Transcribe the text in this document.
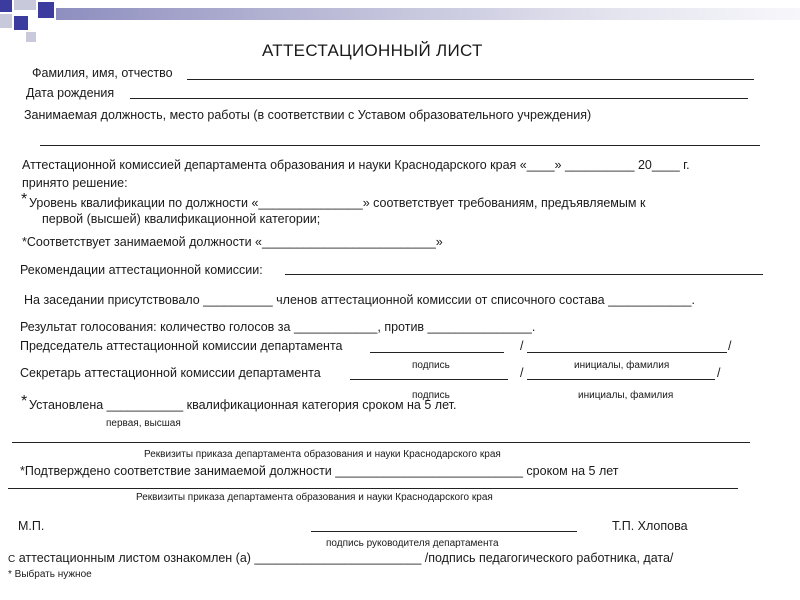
АТТЕСТАЦИОННЫЙ ЛИСТ
Фамилия, имя, отчество
Дата рождения
Занимаемая должность, место работы (в соответствии с Уставом образовательного учреждения)
Аттестационной комиссией департамента образования и науки Краснодарского края «____» __________ 20____ г.
принято решение:
* Уровень квалификации по должности «_______________» соответствует требованиям, предъявляемым к
первой (высшей) квалификационной категории;
*Соответствует занимаемой должности «_________________________»
Рекомендации аттестационной комиссии:
На заседании присутствовало __________ членов аттестационной комиссии от списочного состава ____________.
Результат голосования: количество голосов за ____________, против _______________.
Председатель аттестационной комиссии департамента	/	/
подпись	инициалы, фамилия
Секретарь аттестационной комиссии департамента	/	/
подпись	инициалы, фамилия
* Установлена ___________ квалификационная категория сроком на 5 лет.
первая, высшая
Реквизиты приказа департамента образования и науки Краснодарского края
*Подтверждено соответствие занимаемой должности ___________________________ сроком на 5 лет
Реквизиты приказа департамента образования и науки Краснодарского края
М.П.	Т.П. Хлопова
подпись руководителя департамента
С аттестационным листом ознакомлен (а) ________________________ /подпись педагогического работника, дата/
* Выбрать нужное
